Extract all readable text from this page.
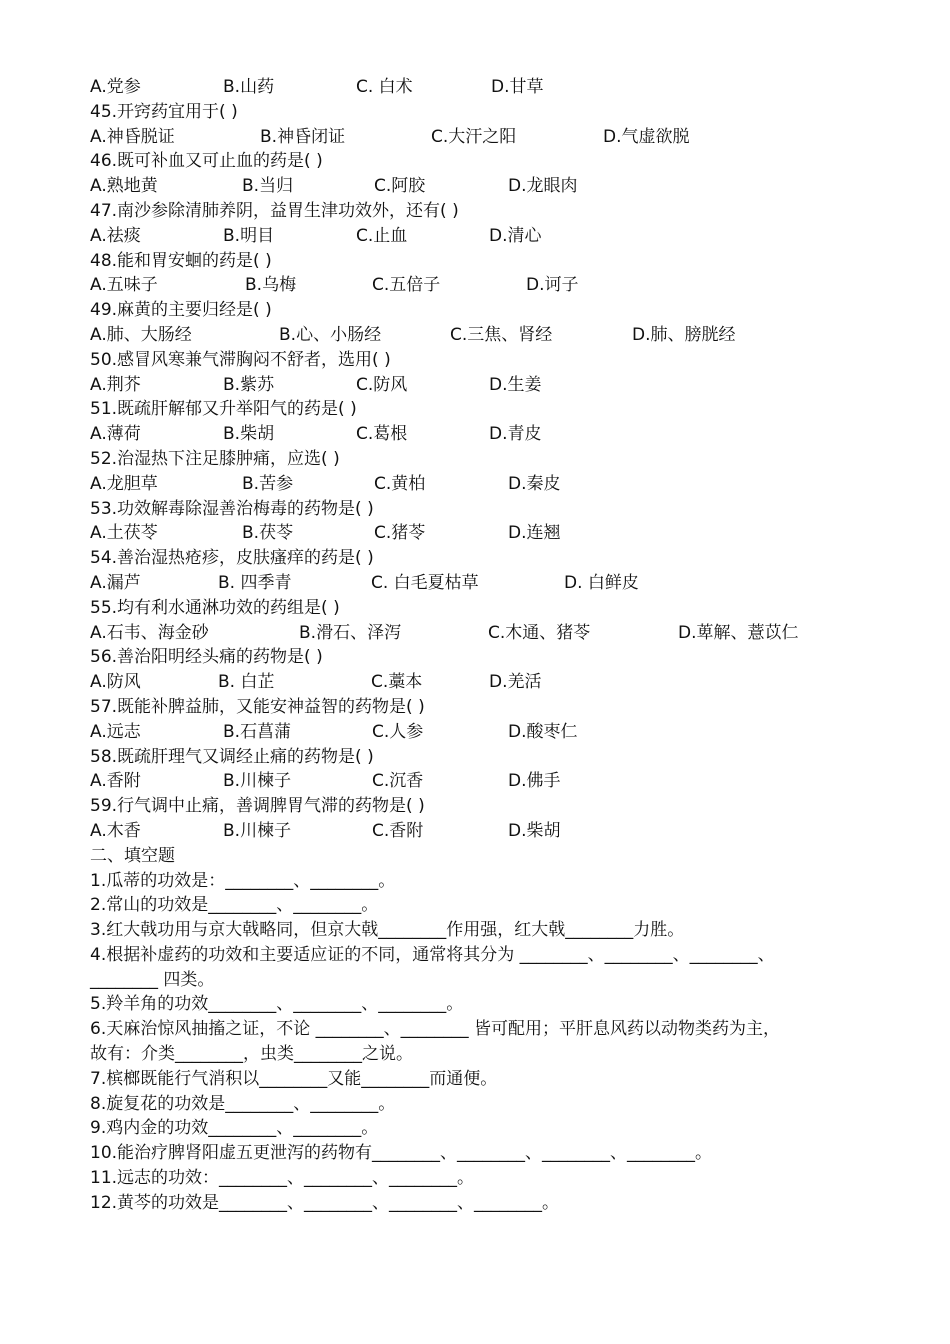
A.党参	B.山药	C. 白术	D.甘草
45.开窍药宜用于( )
A.神昏脱证	B.神昏闭证	C.大汗之阳	D.气虚欲脱
46.既可补血又可止血的药是( )
A.熟地黄	B.当归	C.阿胶	D.龙眼肉
47.南沙参除清肺养阴，益胃生津功效外，还有( )
A.祛痰	B.明目	C.止血	D.清心
48.能和胃安蛔的药是( )
A.五味子	B.乌梅	C.五倍子	D.诃子
49.麻黄的主要归经是( )
A.肺、大肠经	B.心、小肠经	C.三焦、肾经	D.肺、膀胱经
50.感冒风寒兼气滞胸闷不舒者，选用( )
A.荆芥	B.紫苏	C.防风	D.生姜
51.既疏肝解郁又升举阳气的药是( )
A.薄荷	B.柴胡	C.葛根	D.青皮
52.治湿热下注足膝肿痛，应选( )
A.龙胆草	B.苦参	C.黄柏	D.秦皮
53.功效解毒除湿善治梅毒的药物是( )
A.土茯苓	B.茯苓	C.猪苓	D.连翘
54.善治湿热疮疹，皮肤瘙痒的药是( )
A.漏芦	B. 四季青	C. 白毛夏枯草	D. 白鲜皮
55.均有利水通淋功效的药组是( )
A.石韦、海金砂	B.滑石、泽泻	C.木通、猪苓	D.萆解、薏苡仁
56.善治阳明经头痛的药物是( )
A.防风	B. 白芷	C.藁本	D.羌活
57.既能补脾益肺，又能安神益智的药物是( )
A.远志	B.石菖蒲	C.人参	D.酸枣仁
58.既疏肝理气又调经止痛的药物是( )
A.香附	B.川楝子	C.沉香	D.佛手
59.行气调中止痛，善调脾胃气滞的药物是( )
A.木香	B.川楝子	C.香附	D.柴胡
二、填空题
1.瓜蒂的功效是：________、________。
2.常山的功效是________、________。
3.红大戟功用与京大戟略同，但京大戟________作用强，红大戟________力胜。
4.根据补虚药的功效和主要适应证的不同，通常将其分为 ________、________、________、
________ 四类。
5.羚羊角的功效________、________、________。
6.天麻治惊风抽搐之证，不论 ________、________ 皆可配用；平肝息风药以动物类药为主，
故有：介类________，虫类________之说。
7.槟榔既能行气消积以________又能________而通便。
8.旋复花的功效是________、________。
9.鸡内金的功效________、________。
10.能治疗脾肾阳虚五更泄泻的药物有________、________、________、________。
11.远志的功效：________、________、________。
12.黄芩的功效是________、________、________、________。
